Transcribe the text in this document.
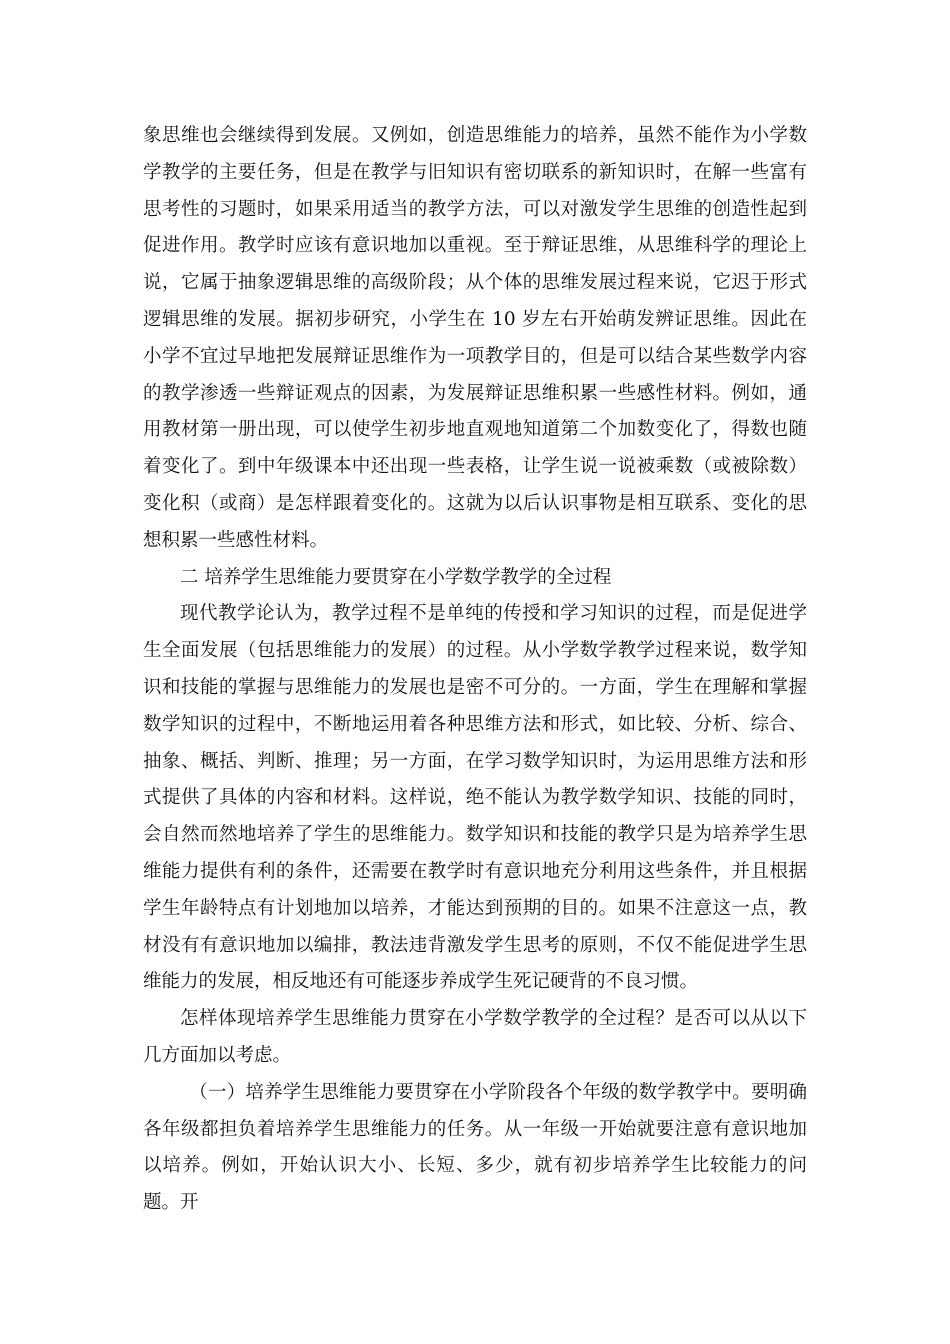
象思维也会继续得到发展。又例如，创造思维能力的培养，虽然不能作为小学数学教学的主要任务，但是在教学与旧知识有密切联系的新知识时，在解一些富有思考性的习题时，如果采用适当的教学方法，可以对激发学生思维的创造性起到促进作用。教学时应该有意识地加以重视。至于辩证思维，从思维科学的理论上说，它属于抽象逻辑思维的高级阶段；从个体的思维发展过程来说，它迟于形式逻辑思维的发展。据初步研究，小学生在 10 岁左右开始萌发辨证思维。因此在小学不宜过早地把发展辩证思维作为一项教学目的，但是可以结合某些数学内容的教学渗透一些辩证观点的因素，为发展辩证思维积累一些感性材料。例如，通用教材第一册出现，可以使学生初步地直观地知道第二个加数变化了，得数也随着变化了。到中年级课本中还出现一些表格，让学生说一说被乘数（或被除数）变化积（或商）是怎样跟着变化的。这就为以后认识事物是相互联系、变化的思想积累一些感性材料。

二 培养学生思维能力要贯穿在小学数学教学的全过程

现代教学论认为，教学过程不是单纯的传授和学习知识的过程，而是促进学生全面发展（包括思维能力的发展）的过程。从小学数学教学过程来说，数学知识和技能的掌握与思维能力的发展也是密不可分的。一方面，学生在理解和掌握数学知识的过程中，不断地运用着各种思维方法和形式，如比较、分析、综合、抽象、概括、判断、推理；另一方面，在学习数学知识时，为运用思维方法和形式提供了具体的内容和材料。这样说，绝不能认为教学数学知识、技能的同时，会自然而然地培养了学生的思维能力。数学知识和技能的教学只是为培养学生思维能力提供有利的条件，还需要在教学时有意识地充分利用这些条件，并且根据学生年龄特点有计划地加以培养，才能达到预期的目的。如果不注意这一点，教材没有有意识地加以编排，教法违背激发学生思考的原则，不仅不能促进学生思维能力的发展，相反地还有可能逐步养成学生死记硬背的不良习惯。

怎样体现培养学生思维能力贯穿在小学数学教学的全过程？是否可以从以下几方面加以考虑。

（一）培养学生思维能力要贯穿在小学阶段各个年级的数学教学中。要明确各年级都担负着培养学生思维能力的任务。从一年级一开始就要注意有意识地加以培养。例如，开始认识大小、长短、多少，就有初步培养学生比较能力的问题。开
